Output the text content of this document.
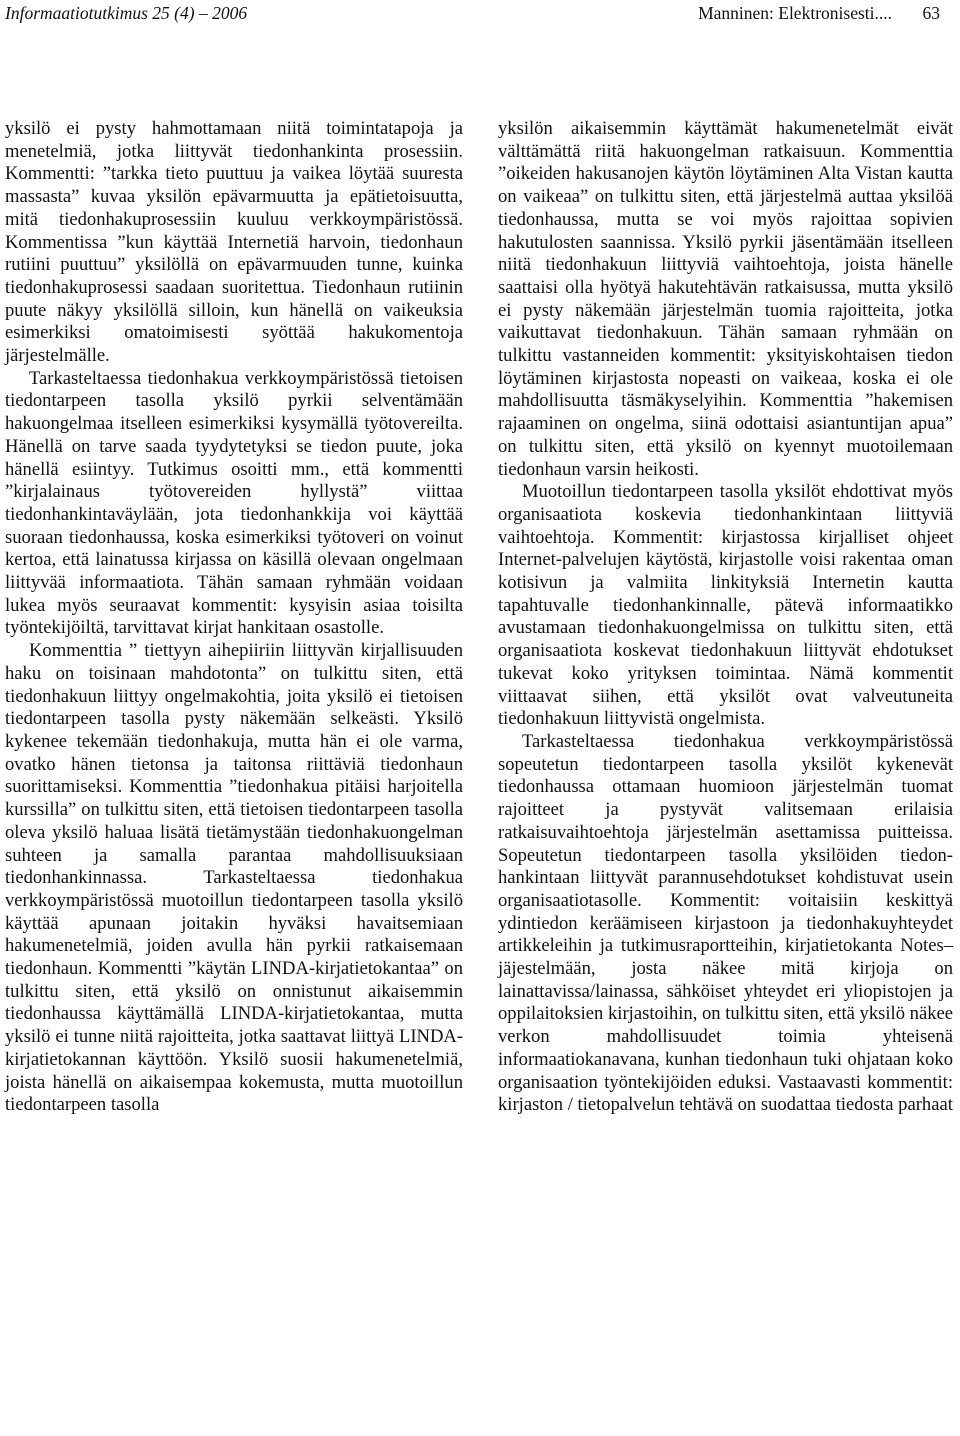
Informaatiotutkimus 25 (4) – 2006	Manninen: Elektronisesti.... 63

yksilö ei pysty hahmottamaan niitä toimintatapoja ja menetelmiä, jotka liittyvät tiedonhankinta prosessiin. Kommentti: ”tarkka tieto puuttuu ja vaikea löytää suuresta massasta” kuvaa yksilön epävarmuutta ja epätietoisuutta, mitä tiedonhakuprosessiin kuuluu verkkoympäristössä. Kommentissa ”kun käyttää Internetiä harvoin, tiedonhaun rutiini puuttuu” yksilöllä on epävarmuuden tunne, kuinka tiedonhakuprosessi saadaan suoritettua. Tiedonhaun rutiinin puute näkyy yksilöllä silloin, kun hänellä on vaikeuksia esimerkiksi omatoimisesti syöttää hakukomentoja järjestelmälle.

Tarkasteltaessa tiedonhakua verkkoympäristössä tietoisen tiedontarpeen tasolla yksilö pyrkii selventämään hakuongelmaa itselleen esimerkiksi kysymällä työtovereilta. Hänellä on tarve saada tyydytetyksi se tiedon puute, joka hänellä esiintyy. Tutkimus osoitti mm., että kommentti ”kirjalainaus työtovereiden hyllystä” viittaa tiedonhankintaväylään, jota tiedonhankkija voi käyttää suoraan tiedonhaussa, koska esimerkiksi työtoveri on voinut kertoa, että lainatussa kirjassa on käsillä olevaan ongelmaan liittyvää informaatiota. Tähän samaan ryhmään voidaan lukea myös seuraavat kommentit: kysyisin asiaa toisilta työntekijöiltä, tarvittavat kirjat hankitaan osastolle.

Kommenttia ” tiettyyn aihepiiriin liittyvän kirjallisuuden haku on toisinaan mahdotonta” on tulkittu siten, että tiedonhakuun liittyy ongelmakohtia, joita yksilö ei tietoisen tiedontarpeen tasolla pysty näkemään selkeästi. Yksilö kykenee tekemään tiedonhakuja, mutta hän ei ole varma, ovatko hänen tietonsa ja taitonsa riittäviä tiedonhaun suorittamiseksi. Kommenttia ”tiedonhakua pitäisi harjoitella kurssilla” on tulkittu siten, että tietoisen tiedontarpeen tasolla oleva yksilö haluaa lisätä tietämystään tiedonhakuongelman suhteen ja samalla parantaa mahdollisuuksiaan tiedonhankinnassa. Tarkasteltaessa tiedonhakua verkkoympäristössä muotoillun tiedontarpeen tasolla yksilö käyttää apunaan joitakin hyväksi havaitsemiaan hakumenetelmiä, joiden avulla hän pyrkii ratkaisemaan tiedonhaun. Kommentti ”käytän LINDA-kirjatietokantaa” on tulkittu siten, että yksilö on onnistunut aikaisemmin tiedonhaussa käyttämällä LINDA-kirjatietokantaa, mutta yksilö ei tunne niitä rajoitteita, jotka saattavat liittyä LINDA-kirjatietokannan käyttöön. Yksilö suosii hakumenetelmiä, joista hänellä on aikaisempaa kokemusta, mutta muotoillun tiedontarpeen tasolla

yksilön aikaisemmin käyttämät hakumenetelmät eivät välttämättä riitä hakuongelman ratkaisuun. Kommenttia ”oikeiden hakusanojen käytön löytäminen Alta Vistan kautta on vaikeaa” on tulkittu siten, että järjestelmä auttaa yksilöä tiedonhaussa, mutta se voi myös rajoittaa sopivien hakutulosten saannissa. Yksilö pyrkii jäsentämään itselleen niitä tiedonhakuun liittyviä vaihtoehtoja, joista hänelle saattaisi olla hyötyä hakutehtävän ratkaisussa, mutta yksilö ei pysty näkemään järjestelmän tuomia rajoitteita, jotka vaikuttavat tiedonhakuun. Tähän samaan ryhmään on tulkittu vastanneiden kommentit: yksityiskohtaisen tiedon löytäminen kirjastosta nopeasti on vaikeaa, koska ei ole mahdollisuutta täsmäkyselyihin. Kommenttia ”hakemisen rajaaminen on ongelma, siinä odottaisi asiantuntijan apua” on tulkittu siten, että yksilö on kyennyt muotoilemaan tiedonhaun varsin heikosti.

Muotoillun tiedontarpeen tasolla yksilöt ehdottivat myös organisaatiota koskevia tiedonhankintaan liittyviä vaihtoehtoja. Kommentit: kirjastossa kirjalliset ohjeet Internet-palvelujen käytöstä, kirjastolle voisi rakentaa oman kotisivun ja valmiita linkityksiä Internetin kautta tapahtuvalle tiedonhankinnalle, pätevä informaatikko avustamaan tiedonhakuongelmissa on tulkittu siten, että organisaatiota koskevat tiedonhakuun liittyvät ehdotukset tukevat koko yrityksen toimintaa. Nämä kommentit viittaavat siihen, että yksilöt ovat valveutuneita tiedonhakuun liittyvistä ongelmista.

Tarkasteltaessa tiedonhakua verkkoympäristössä sopeutetun tiedontarpeen tasolla yksilöt kykenevät tiedonhaussa ottamaan huomioon järjestelmän tuomat rajoitteet ja pystyvät valitsemaan erilaisia ratkaisuvaihtoehtoja järjestelmän asettamissa puitteissa. Sopeutetun tiedontarpeen tasolla yksilöiden tiedonhankintaan liittyvät parannusehdotukset kohdistuvat usein organisaatiotasolle. Kommentit: voitaisiin keskittyä ydintiedon keräämiseen kirjastoon ja tiedonhakuyhteydet artikkeleihin ja tutkimusraportteihin, kirjatietokanta Notes–jäjestelmään, josta näkee mitä kirjoja on lainattavissa/lainassa, sähköiset yhteydet eri yliopistojen ja oppilaitoksien kirjastoihin, on tulkittu siten, että yksilö näkee verkon mahdollisuudet toimia yhteisenä informaatiokanavana, kunhan tiedonhaun tuki ohjataan koko organisaation työntekijöiden eduksi. Vastaavasti kommentit: kirjaston / tietopalvelun tehtävä on suodattaa tiedosta parhaat
